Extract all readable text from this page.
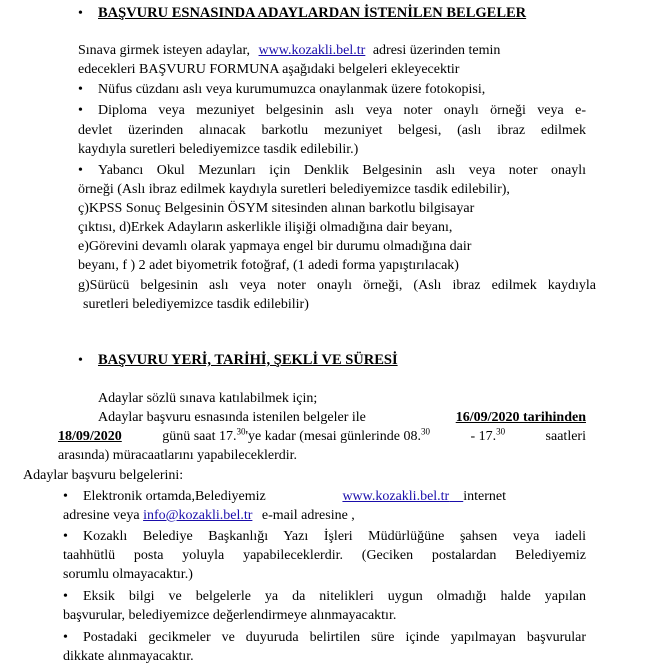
• BAŞVURU ESNASINDA ADAYLARDAN İSTENİLEN BELGELER
Sınava girmek isteyen adaylar, www.kozakli.bel.tr adresi üzerinden temin
edecekleri BAŞVURU FORMUNA aşağıdaki belgeleri ekleyecektir
• Nüfus cüzdanı aslı veya kurumumuzca onaylanmak üzere fotokopisi,
• Diploma veya mezuniyet belgesinin aslı veya noter onaylı örneği veya e-
devlet üzerinden alınacak barkotlu mezuniyet belgesi, (aslı ibraz edilmek
kaydıyla suretleri belediyemizce tasdik edilebilir.)
• Yabancı Okul Mezunları için Denklik Belgesinin aslı veya noter onaylı
örneği (Aslı ibraz edilmek kaydıyla suretleri belediyemizce tasdik edilebilir),
ç)KPSS Sonuç Belgesinin ÖSYM sitesinden alınan barkotlu bilgisayar
çıktısı, d)Erkek Adayların askerlikle ilişiği olmadığına dair beyanı,
e)Görevini devamlı olarak yapmaya engel bir durumu olmadığına dair
beyanı, f ) 2 adet biyometrik fotoğraf, (1 adedi forma yapıştırılacak)
g)Sürücü belgesinin aslı veya noter onaylı örneği, (Aslı ibraz edilmek kaydıyla
suretleri belediyemizce tasdik edilebilir)
• BAŞVURU YERİ, TARİHİ, ŞEKLİ VE SÜRESİ
Adaylar sözlü sınava katılabilmek için;
Adaylar başvuru esnasında istenilen belgeler ile	16/09/2020 tarihinden
18/09/2020	günü saat 17.30'ye kadar (mesai günlerinde 08.30	- 17.30	saatleri
arasında) müracaatlarını yapabileceklerdir.
Adaylar başvuru belgelerini:
• Elektronik ortamda,Belediyemiz	www.kozakli.bel.tr internet
adresine veya info@kozakli.bel.tr e-mail adresine ,
• Kozaklı Belediye Başkanlığı Yazı İşleri Müdürlüğüne şahsen veya iadeli
taahhütlü posta yoluyla yapabileceklerdir. (Geciken postalardan Belediyemiz
sorumlu olmayacaktır.)
• Eksik bilgi ve belgelerle ya da nitelikleri uygun olmadığı halde yapılan
başvurular, belediyemizce değerlendirmeye alınmayacaktır.
• Postadaki gecikmeler ve duyuruda belirtilen süre içinde yapılmayan başvurular
dikkate alınmayacaktır.
